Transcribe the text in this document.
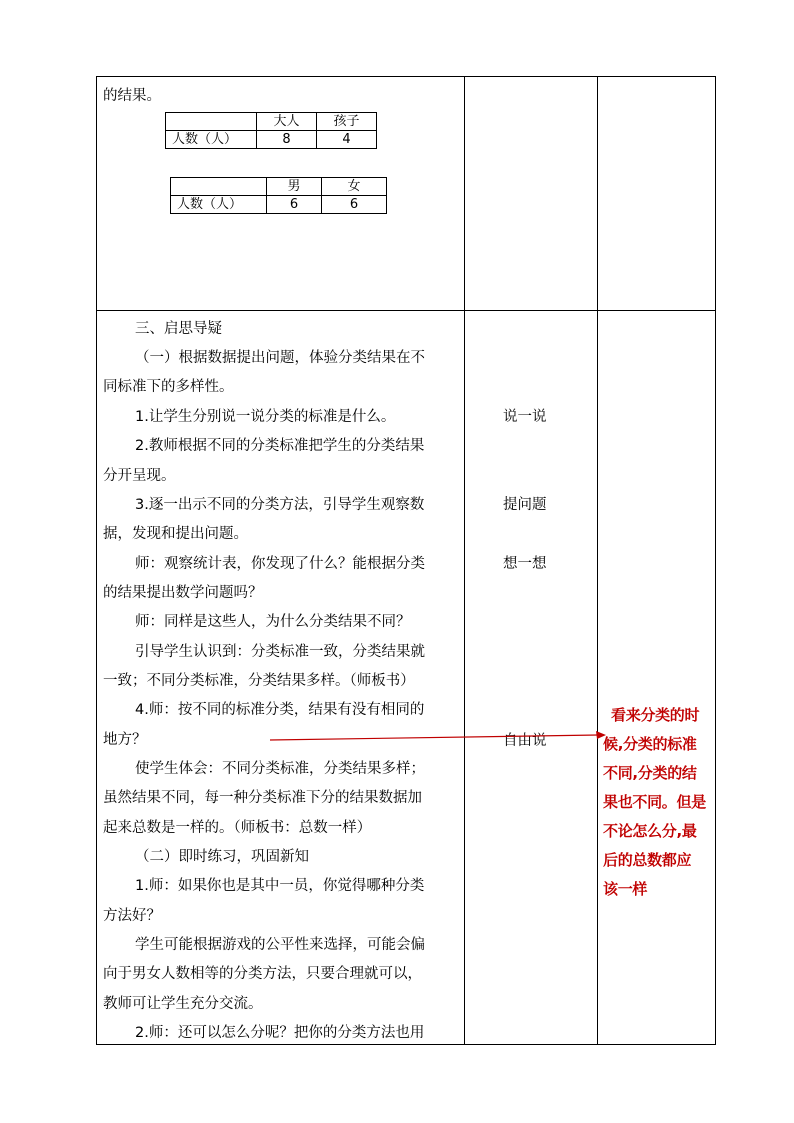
的结果。
	大人	孩子
人数（人）	8	4
	男	女
人数（人）	6	6
三、启思导疑
（一）根据数据提出问题，体验分类结果在不
同标准下的多样性。
1.让学生分别说一说分类的标准是什么。
2.教师根据不同的分类标准把学生的分类结果
分开呈现。
3.逐一出示不同的分类方法，引导学生观察数
据，发现和提出问题。
师：观察统计表，你发现了什么？能根据分类
的结果提出数学问题吗？
师：同样是这些人，为什么分类结果不同？
引导学生认识到：分类标准一致，分类结果就
一致；不同分类标准，分类结果多样。（师板书）
4.师：按不同的标准分类，结果有没有相同的
地方？
使学生体会：不同分类标准，分类结果多样；
虽然结果不同，每一种分类标准下分的结果数据加
起来总数是一样的。（师板书：总数一样）
（二）即时练习，巩固新知
1.师：如果你也是其中一员，你觉得哪种分类
方法好？
学生可能根据游戏的公平性来选择，可能会偏
向于男女人数相等的分类方法，只要合理就可以，
教师可让学生充分交流。
2.师：还可以怎么分呢？把你的分类方法也用
说一说
提问题
想一想
自由说
看来分类的时
候,分类的标准
不同,分类的结
果也不同。但是
不论怎么分,最
后的总数都应
该一样
